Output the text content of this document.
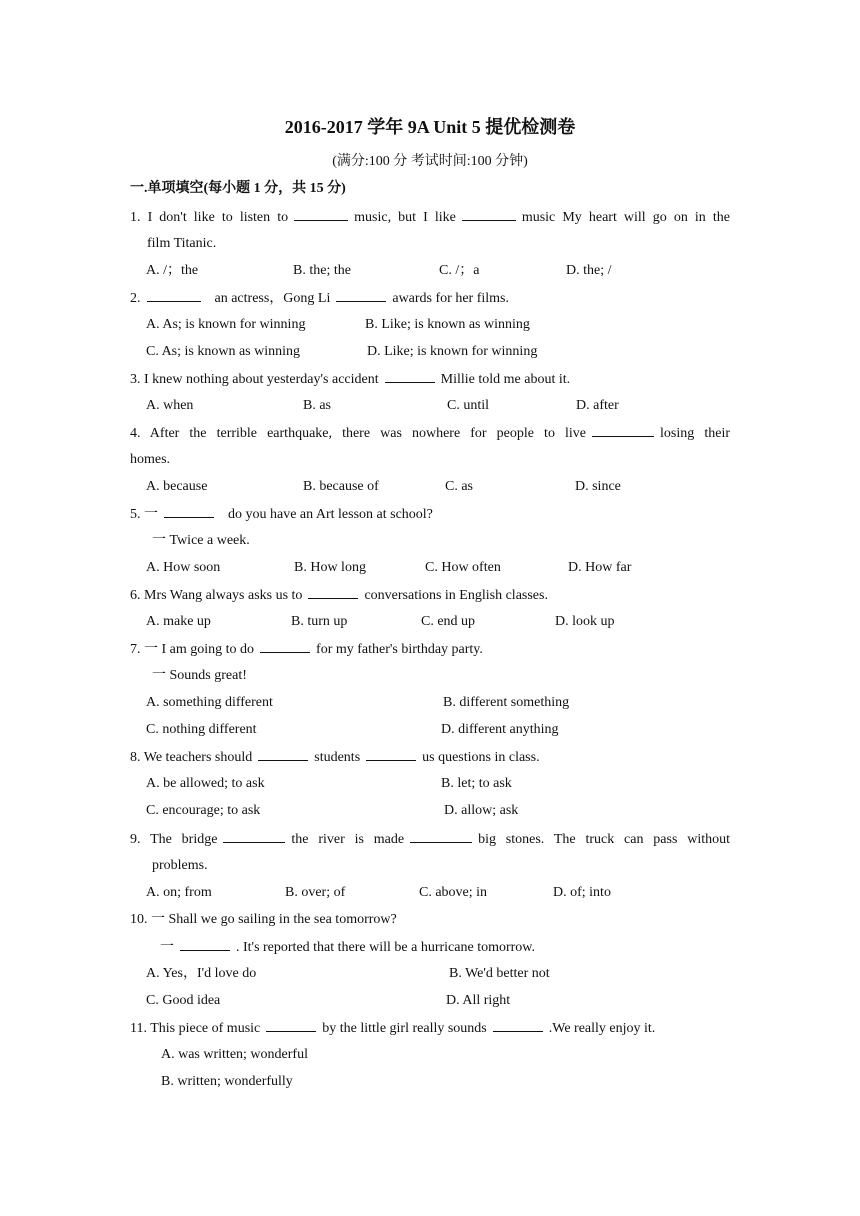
2016-2017 学年 9A Unit 5 提优检测卷
(满分:100 分 考试时间:100 分钟)
一.单项填空(每小题 1 分，共 15 分)
1. I don't like to listen to	music, but I like	music My heart will go on in the
film Titanic.
A. /；the	B. the; the	C. /；a	D. the; /
2.	an actress，Gong Li	awards for her films.
A. As; is known for winning	B. Like; is known as winning
C. As; is known as winning	D. Like; is known for winning
3. I knew nothing about yesterday's accident	Millie told me about it.
A. when	B. as	C. until	D. after
4. After the terrible earthquake, there was nowhere for people to live	losing their
homes.
A. because	B. because of	C. as	D. since
5. 一	do you have an Art lesson at school?
一 Twice a week.
A. How soon	B. How long	C. How often	D. How far
6. Mrs Wang always asks us to	conversations in English classes.
A. make up	B. turn up	C. end up	D. look up
7. 一 I am going to do	for my father's birthday party.
一 Sounds great!
A. something different	B. different something
C. nothing different	D. different anything
8. We teachers should	students	us questions in class.
A. be allowed; to ask	B. let; to ask
C. encourage; to ask	D. allow; ask
9. The bridge	the river is made	big stones. The truck can pass without
problems.
A. on; from	B. over; of	C. above; in	D. of; into
10. 一 Shall we go sailing in the sea tomorrow?
一	. It's reported that there will be a hurricane tomorrow.
A. Yes，I'd love do	B. We'd better not
C. Good idea	D. All right
11. This piece of music	by the little girl really sounds	.We really enjoy it.
A. was written; wonderful
B. written; wonderfully
